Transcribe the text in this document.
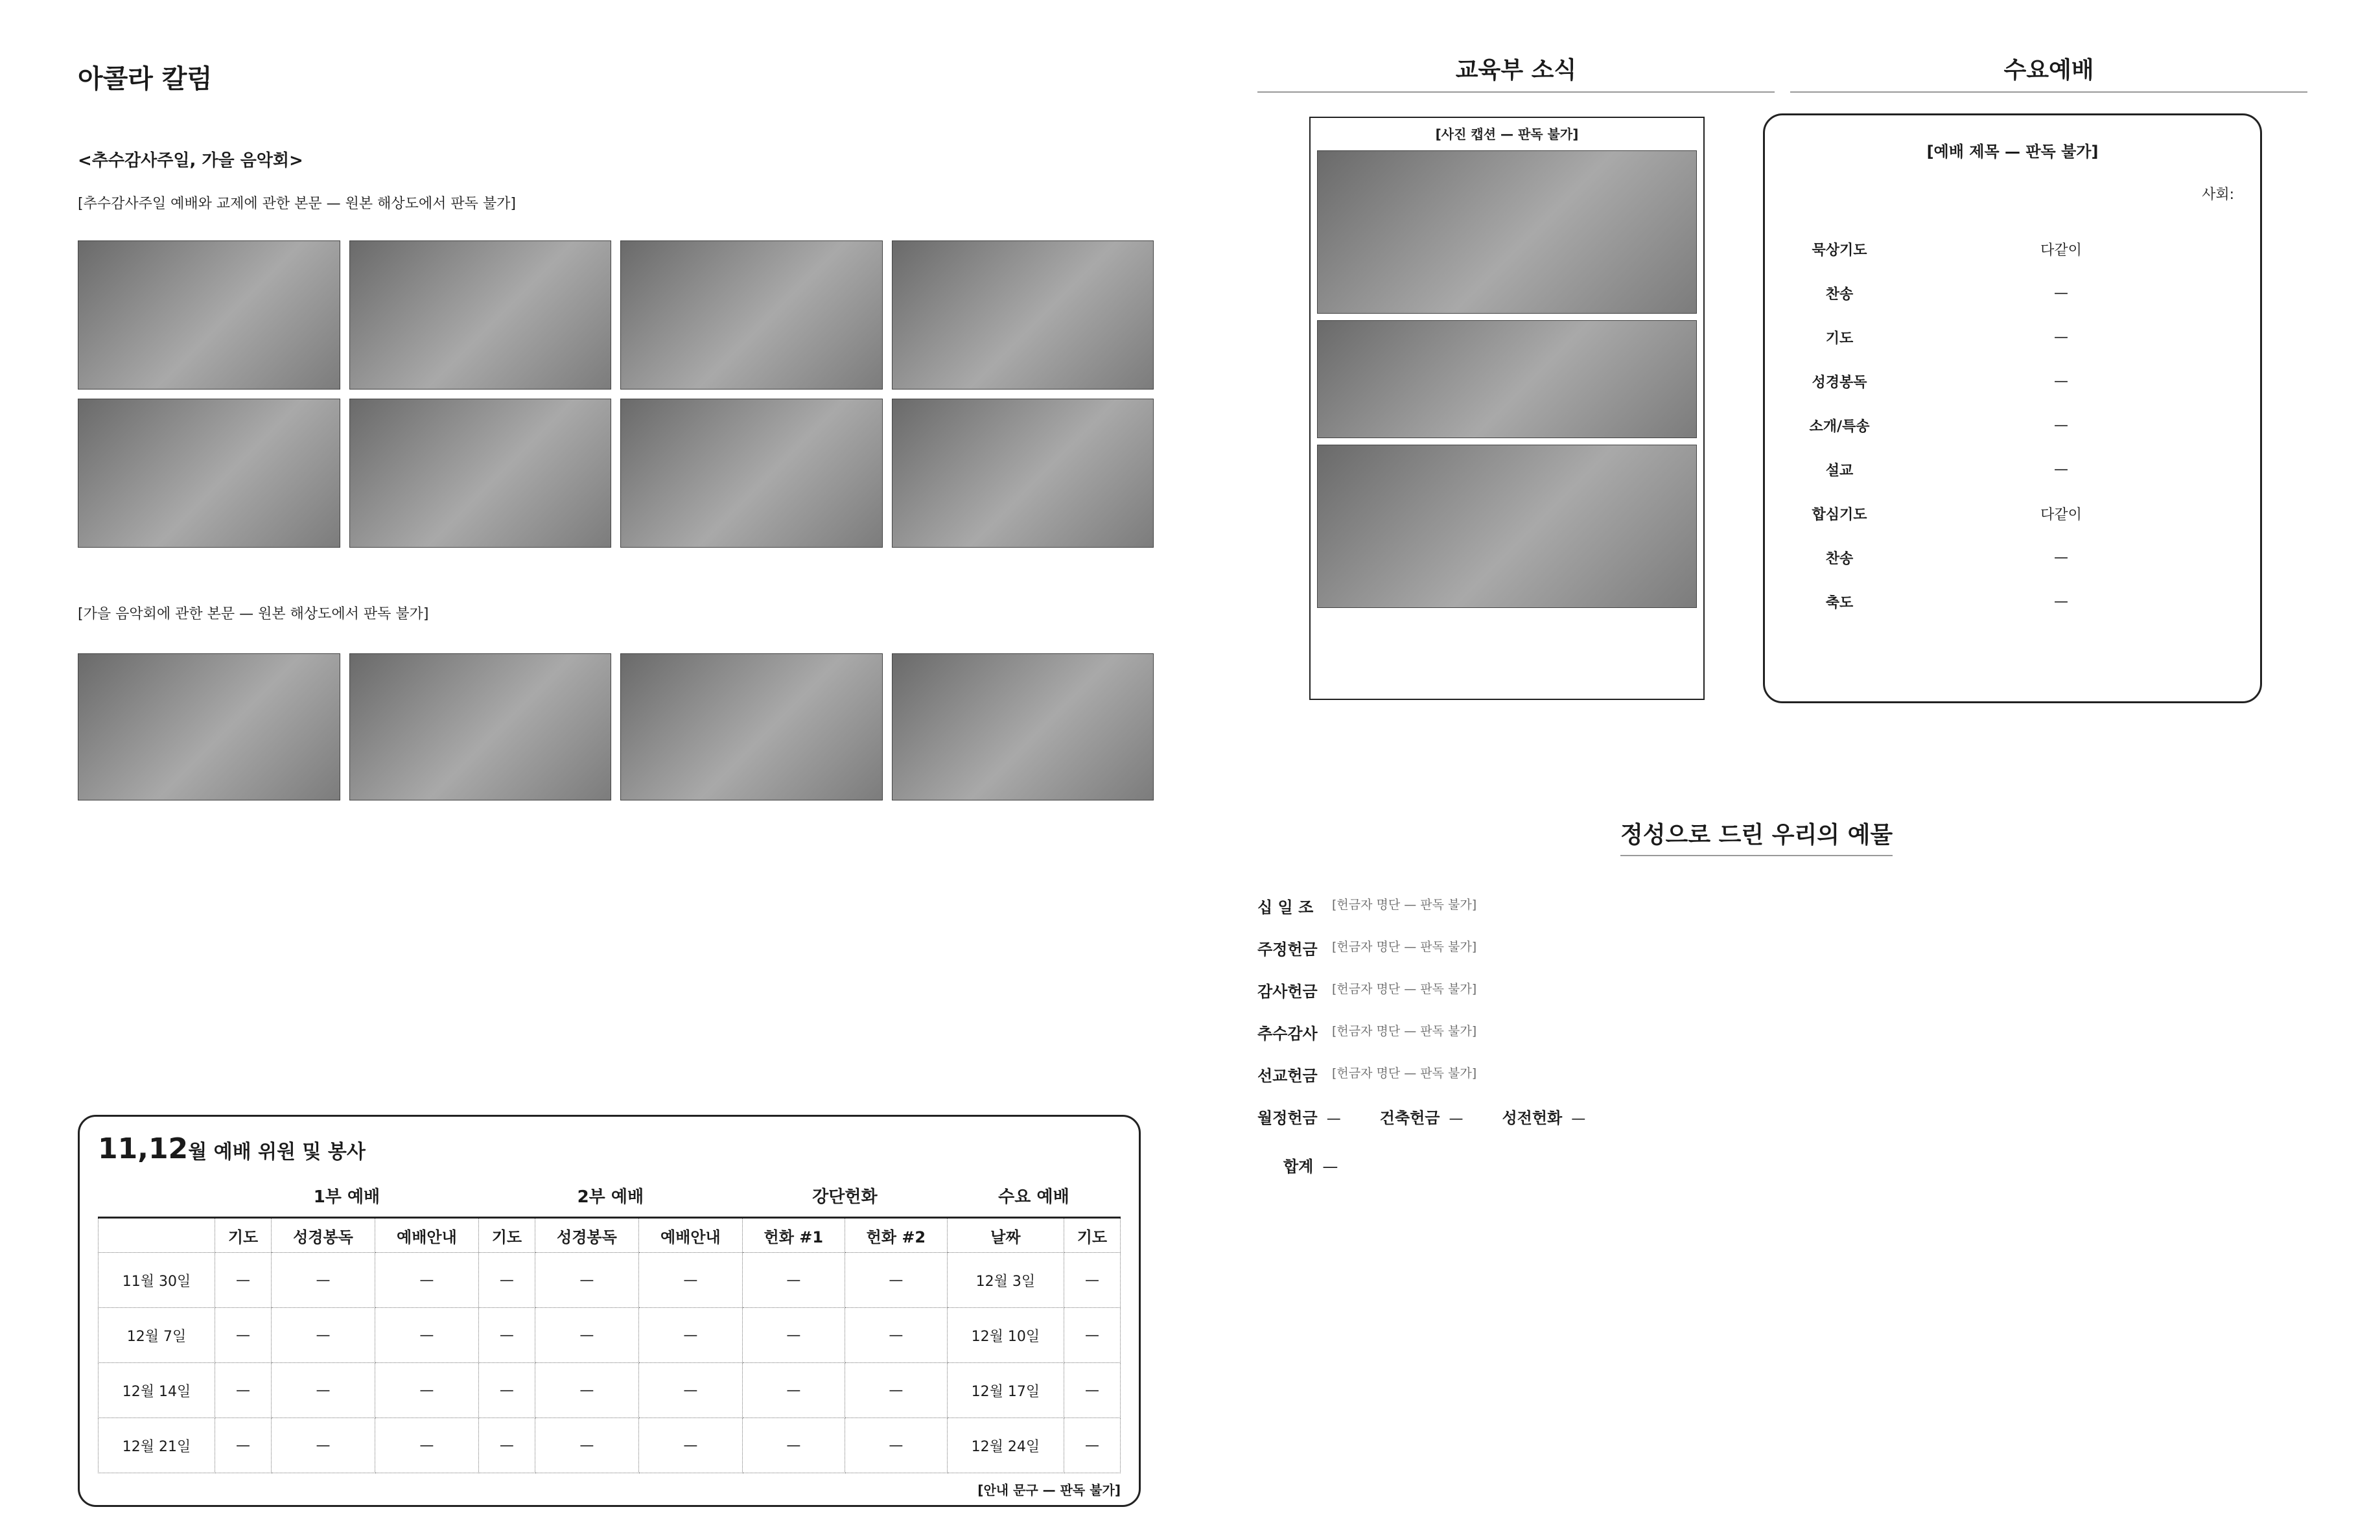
아콜라 칼럼
<추수감사주일, 가을 음악회>

[추수감사주일 예배와 교제에 관한 본문 — 원본 해상도에서 판독 불가]

[가을 음악회에 관한 본문 — 원본 해상도에서 판독 불가]

11,12월 예배 위원 및 봉사
	1부 예배			2부 예배			강단헌화		수요 예배	
	기도	성경봉독	예배안내	기도	성경봉독	예배안내	헌화 #1	헌화 #2	날짜	기도
11월 30일	—	—	—	—	—	—	—	—	12월 3일	—
12월 7일	—	—	—	—	—	—	—	—	12월 10일	—
12월 14일	—	—	—	—	—	—	—	—	12월 17일	—
12월 21일	—	—	—	—	—	—	—	—	12월 24일	—
[안내 문구 — 판독 불가]
교육부 소식	수요예배
[사진 캡션 — 판독 불가]
[예배 제목 — 판독 불가]
사회:
묵상기도	다같이
찬송	—
기도	—
성경봉독	—
소개/특송	—
설교	—
합심기도	다같이
찬송	—
축도	—
정성으로 드린 우리의 예물
십 일 조	[헌금자 명단 — 판독 불가]
주정헌금	[헌금자 명단 — 판독 불가]
감사헌금	[헌금자 명단 — 판독 불가]
추수감사	[헌금자 명단 — 판독 불가]
선교헌금	[헌금자 명단 — 판독 불가]
월정헌금 —	건축헌금 —	성전헌화 —
합계 —
